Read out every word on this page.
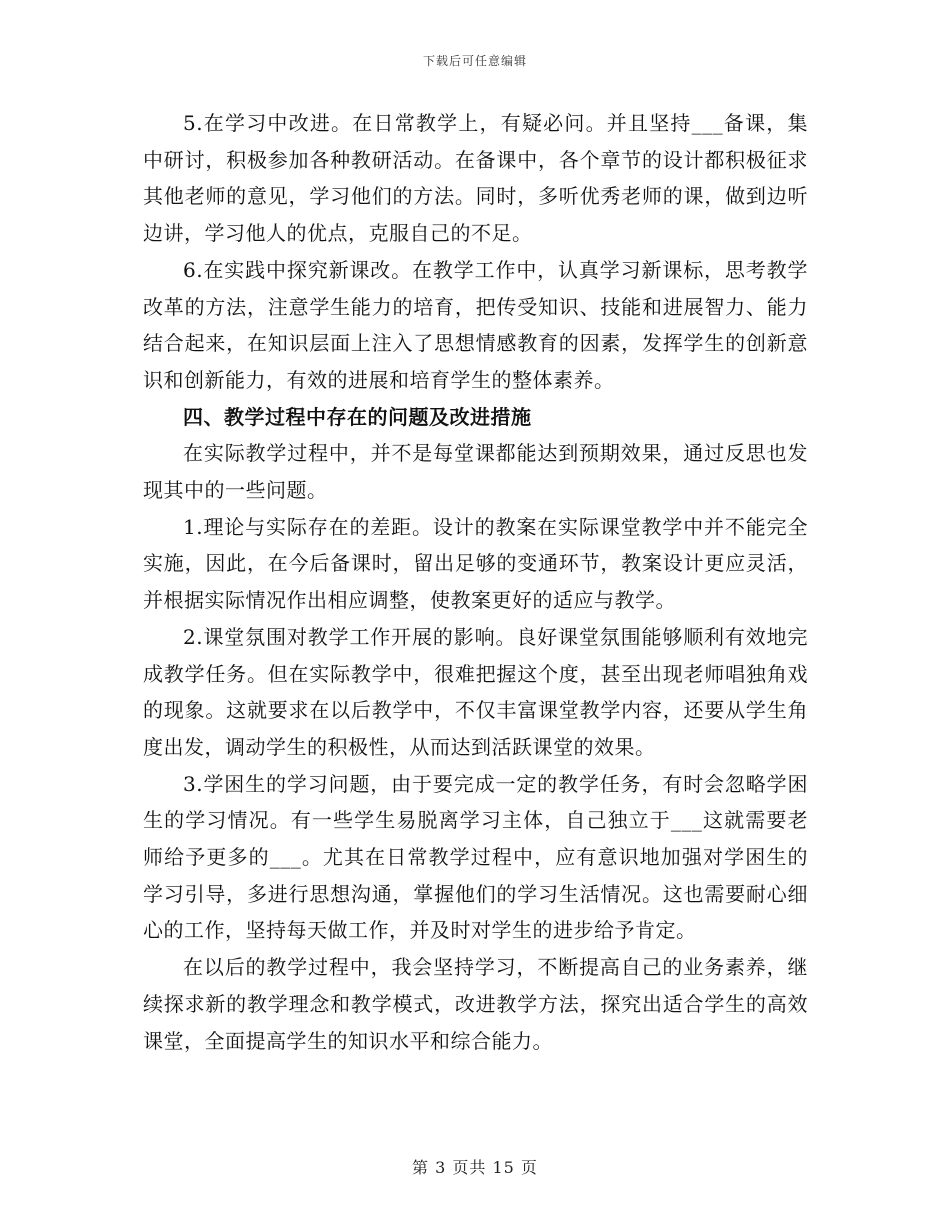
下载后可任意编辑

5.在学习中改进。在日常教学上，有疑必问。并且坚持___备课，集中研讨，积极参加各种教研活动。在备课中，各个章节的设计都积极征求其他老师的意见，学习他们的方法。同时，多听优秀老师的课，做到边听边讲，学习他人的优点，克服自己的不足。

6.在实践中探究新课改。在教学工作中，认真学习新课标，思考教学改革的方法，注意学生能力的培育，把传受知识、技能和进展智力、能力结合起来，在知识层面上注入了思想情感教育的因素，发挥学生的创新意识和创新能力，有效的进展和培育学生的整体素养。

四、教学过程中存在的问题及改进措施

在实际教学过程中，并不是每堂课都能达到预期效果，通过反思也发现其中的一些问题。

1.理论与实际存在的差距。设计的教案在实际课堂教学中并不能完全实施，因此，在今后备课时，留出足够的变通环节，教案设计更应灵活，并根据实际情况作出相应调整，使教案更好的适应与教学。

2.课堂氛围对教学工作开展的影响。良好课堂氛围能够顺利有效地完成教学任务。但在实际教学中，很难把握这个度，甚至出现老师唱独角戏的现象。这就要求在以后教学中，不仅丰富课堂教学内容，还要从学生角度出发，调动学生的积极性，从而达到活跃课堂的效果。

3.学困生的学习问题，由于要完成一定的教学任务，有时会忽略学困生的学习情况。有一些学生易脱离学习主体，自己独立于___这就需要老师给予更多的___。尤其在日常教学过程中，应有意识地加强对学困生的学习引导，多进行思想沟通，掌握他们的学习生活情况。这也需要耐心细心的工作，坚持每天做工作，并及时对学生的进步给予肯定。

在以后的教学过程中，我会坚持学习，不断提高自己的业务素养，继续探求新的教学理念和教学模式，改进教学方法，探究出适合学生的高效课堂，全面提高学生的知识水平和综合能力。

第 3 页共 15 页
